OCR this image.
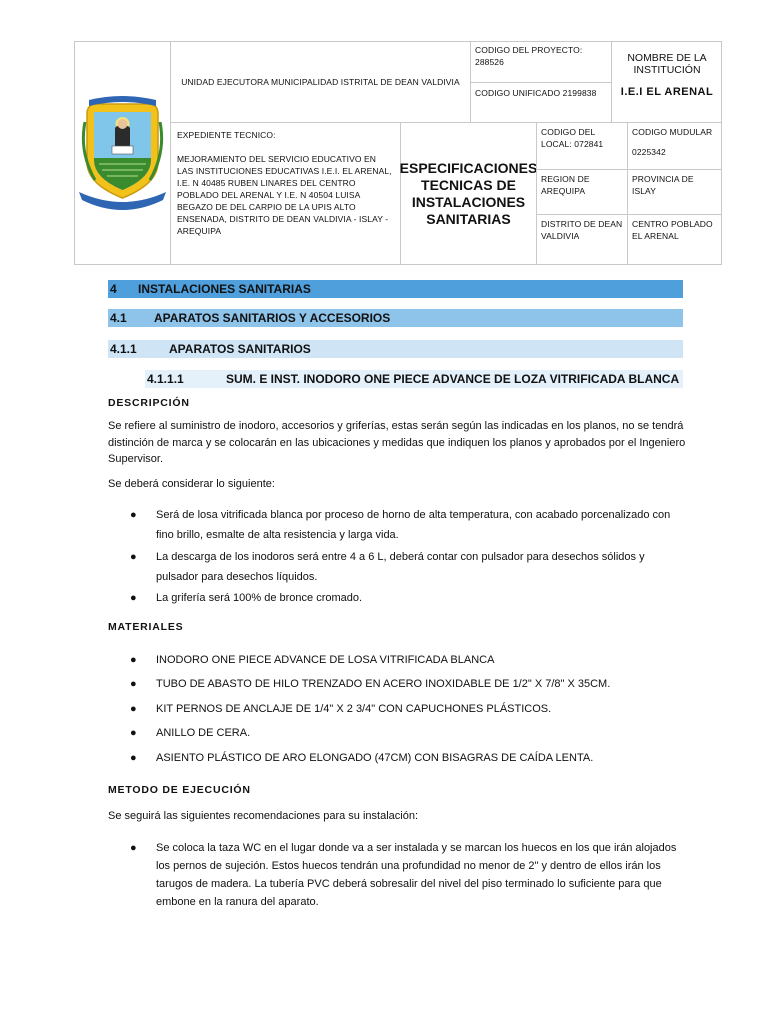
UNIDAD EJECUTORA MUNICIPALIDAD ISTRITAL DE DEAN VALDIVIA
CODIGO DEL PROYECTO: 288526
CODIGO UNIFICADO 2199838
NOMBRE DE LA INSTITUCIÓN
I.E.I EL ARENAL
EXPEDIENTE TECNICO:
MEJORAMIENTO DEL SERVICIO EDUCATIVO EN LAS INSTITUCIONES EDUCATIVAS I.E.I. EL ARENAL, I.E. N 40485 RUBEN LINARES DEL CENTRO POBLADO DEL ARENAL Y I.E. N 40504 LUISA BEGAZO DE DEL CARPIO DE LA UPIS ALTO ENSENADA, DISTRITO DE DEAN VALDIVIA - ISLAY - AREQUIPA
ESPECIFICACIONES TECNICAS DE INSTALACIONES SANITARIAS
CODIGO DEL LOCAL: 072841
CODIGO MUDULAR
0225342
REGION DE AREQUIPA
PROVINCIA DE ISLAY
DISTRITO DE DEAN VALDIVIA
CENTRO POBLADO EL ARENAL
4 INSTALACIONES SANITARIAS
4.1 APARATOS SANITARIOS Y ACCESORIOS
4.1.1	APARATOS SANITARIOS
4.1.1.1	SUM. E INST. INODORO ONE PIECE ADVANCE DE LOZA VITRIFICADA BLANCA
DESCRIPCIÓN
Se refiere al suministro de inodoro, accesorios y griferías, estas serán según las indicadas en los planos, no se tendrá distinción de marca y se colocarán en las ubicaciones y medidas que indiquen los planos y aprobados por el Ingeniero Supervisor.
Se deberá considerar lo siguiente:
● Será de losa vitrificada blanca por proceso de horno de alta temperatura, con acabado porcenalizado con fino brillo, esmalte de alta resistencia y larga vida.
● La descarga de los inodoros será entre 4 a 6 L, deberá contar con pulsador para desechos sólidos y pulsador para desechos líquidos.
● La grifería será 100% de bronce cromado.
MATERIALES
● INODORO ONE PIECE ADVANCE DE LOSA VITRIFICADA BLANCA
● TUBO DE ABASTO DE HILO TRENZADO EN ACERO INOXIDABLE DE 1/2" X 7/8" X 35CM.
● KIT PERNOS DE ANCLAJE DE 1/4" X 2 3/4" CON CAPUCHONES PLÁSTICOS.
● ANILLO DE CERA.
● ASIENTO PLÁSTICO DE ARO ELONGADO (47CM) CON BISAGRAS DE CAÍDA LENTA.
METODO DE EJECUCIÓN
Se seguirá las siguientes recomendaciones para su instalación:
● Se coloca la taza WC en el lugar donde va a ser instalada y se marcan los huecos en los que irán alojados los pernos de sujeción. Estos huecos tendrán una profundidad no menor de 2" y dentro de ellos irán los tarugos de madera. La tubería PVC deberá sobresalir del nivel del piso terminado lo suficiente para que embone en la ranura del aparato.
